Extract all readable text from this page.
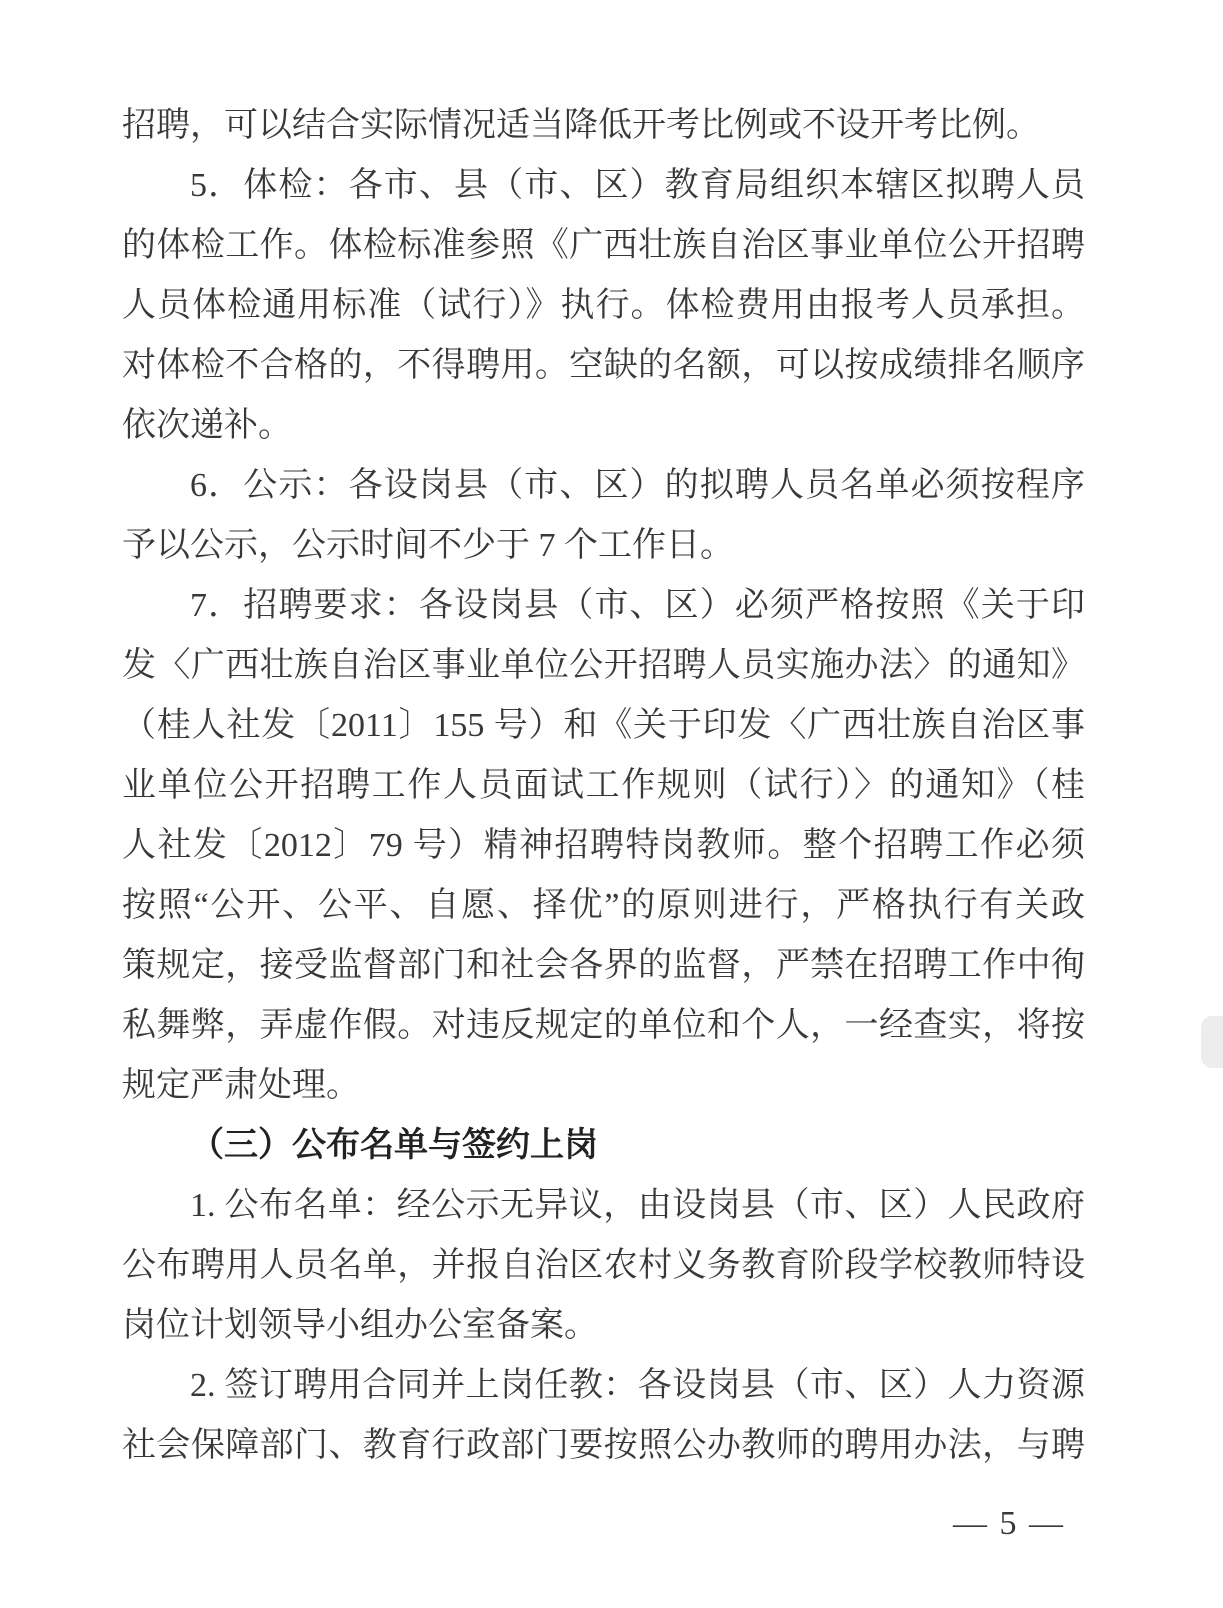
招聘，可以结合实际情况适当降低开考比例或不设开考比例。

5．体检：各市、县（市、区）教育局组织本辖区拟聘人员

的体检工作。体检标准参照《广西壮族自治区事业单位公开招聘

人员体检通用标准（试行）》执行。体检费用由报考人员承担。

对体检不合格的，不得聘用。空缺的名额，可以按成绩排名顺序

依次递补。

6．公示：各设岗县（市、区）的拟聘人员名单必须按程序

予以公示，公示时间不少于 7 个工作日。

7．招聘要求：各设岗县（市、区）必须严格按照《关于印

发〈广西壮族自治区事业单位公开招聘人员实施办法〉的通知》

（桂人社发〔2011〕155 号）和《关于印发〈广西壮族自治区事

业单位公开招聘工作人员面试工作规则（试行）〉的通知》（桂

人社发〔2012〕79 号）精神招聘特岗教师。整个招聘工作必须

按照“公开、公平、自愿、择优”的原则进行，严格执行有关政

策规定，接受监督部门和社会各界的监督，严禁在招聘工作中徇

私舞弊，弄虚作假。对违反规定的单位和个人，一经查实，将按

规定严肃处理。

（三）公布名单与签约上岗

1. 公布名单：经公示无异议，由设岗县（市、区）人民政府

公布聘用人员名单，并报自治区农村义务教育阶段学校教师特设

岗位计划领导小组办公室备案。

2. 签订聘用合同并上岗任教：各设岗县（市、区）人力资源

社会保障部门、教育行政部门要按照公办教师的聘用办法，与聘

— 5 —
